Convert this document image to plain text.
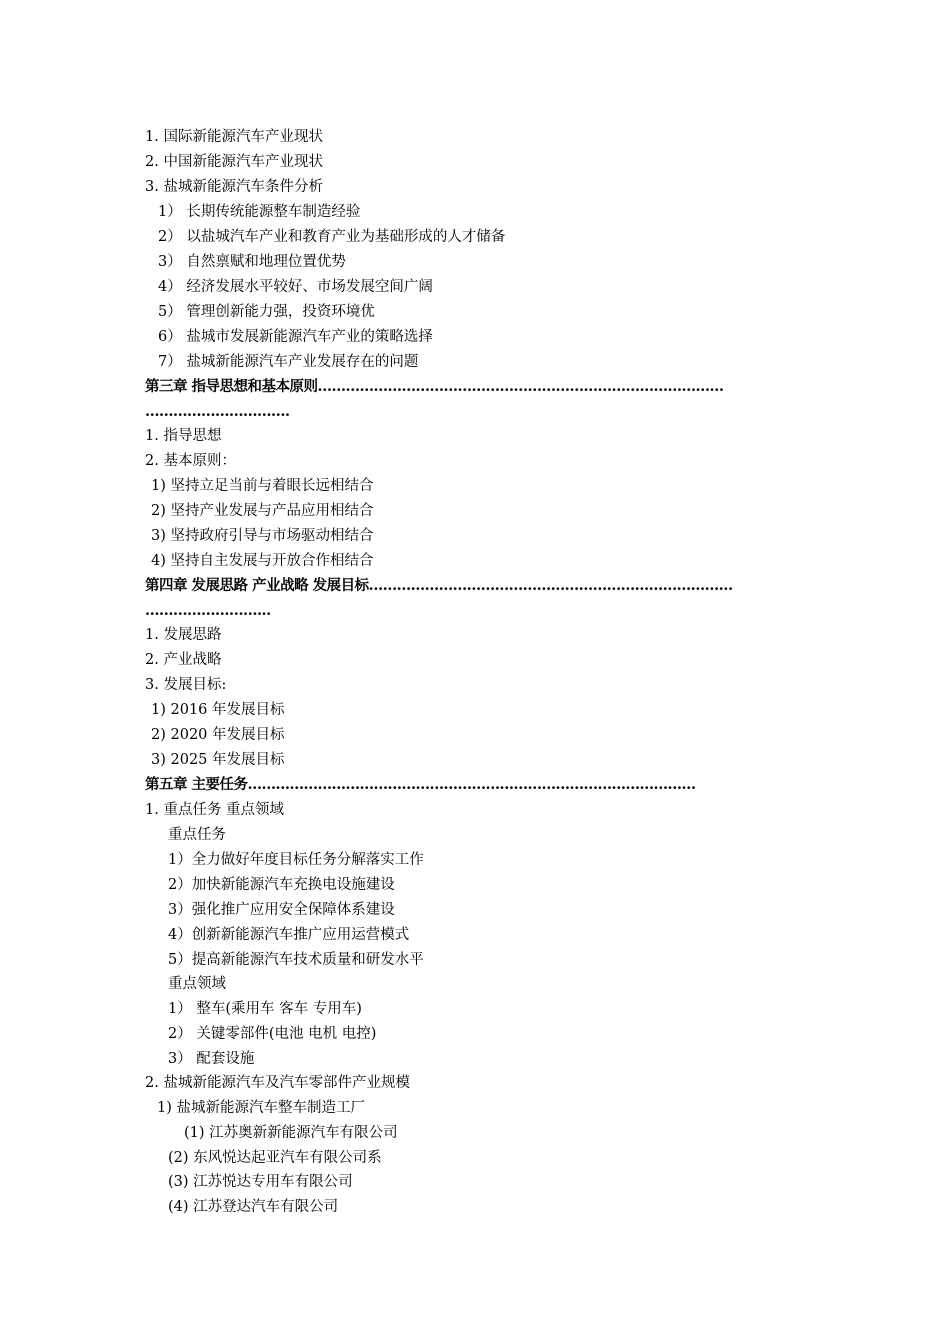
1. 国际新能源汽车产业现状
2. 中国新能源汽车产业现状
3. 盐城新能源汽车条件分析
1） 长期传统能源整车制造经验
2） 以盐城汽车产业和教育产业为基础形成的人才储备
3） 自然禀赋和地理位置优势
4） 经济发展水平较好、市场发展空间广阔
5） 管理创新能力强，投资环境优
6） 盐城市发展新能源汽车产业的策略选择
7） 盐城新能源汽车产业发展存在的问题
第三章 指导思想和基本原则……………………………………………………………………………
………………………….
1. 指导思想
2. 基本原则：
1) 坚持立足当前与着眼长远相结合
2) 坚持产业发展与产品应用相结合
3) 坚持政府引导与市场驱动相结合
4) 坚持自主发展与开放合作相结合
第四章 发展思路 产业战略 发展目标……………………………………………………………………
……………………...
1. 发展思路
2. 产业战略
3. 发展目标:
1) 2016 年发展目标
2) 2020 年发展目标
3) 2025 年发展目标
第五章 主要任务……………………………………………………………………………………
1. 重点任务 重点领域
重点任务
1）全力做好年度目标任务分解落实工作
2）加快新能源汽车充换电设施建设
3）强化推广应用安全保障体系建设
4）创新新能源汽车推广应用运营模式
5）提高新能源汽车技术质量和研发水平
重点领域
1） 整车(乘用车 客车 专用车)
2） 关键零部件(电池 电机 电控)
3） 配套设施
2. 盐城新能源汽车及汽车零部件产业规模
1) 盐城新能源汽车整车制造工厂
(1) 江苏奥新新能源汽车有限公司
(2) 东风悦达起亚汽车有限公司系
(3) 江苏悦达专用车有限公司
(4) 江苏登达汽车有限公司
